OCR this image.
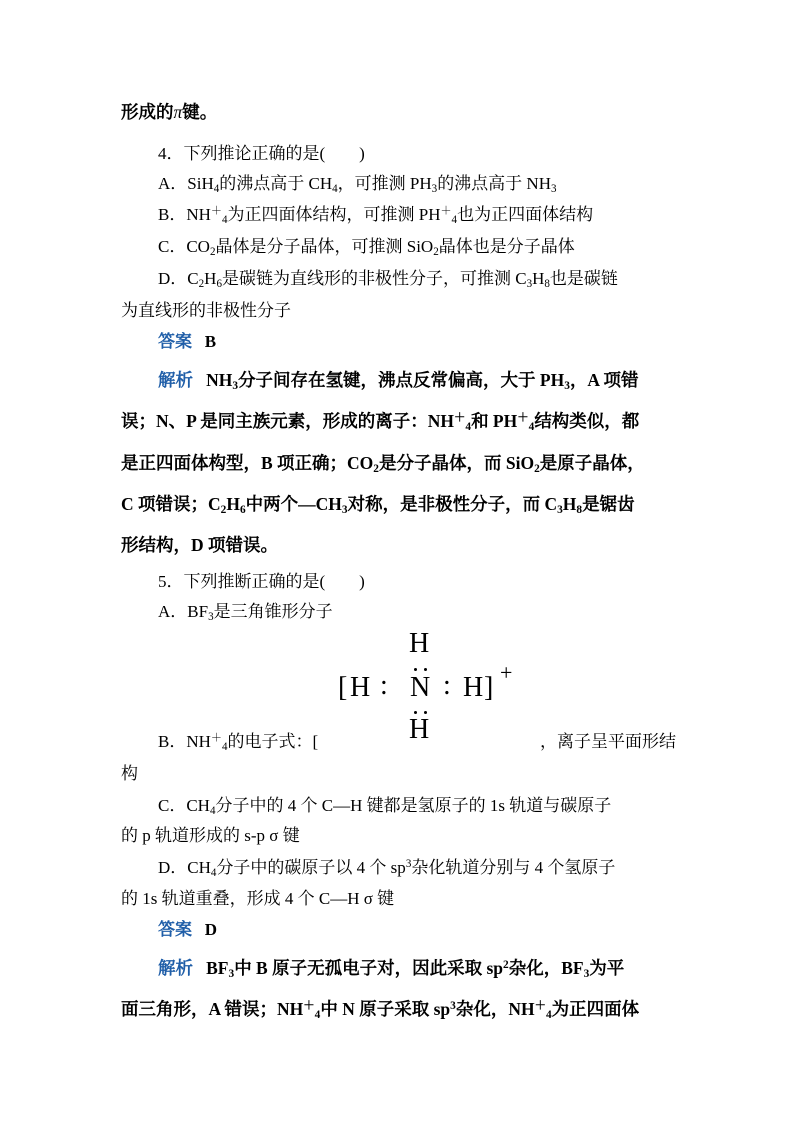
形成的π键。
4．下列推论正确的是(　　)
A．SiH$_4$的沸点高于 $CH_4$，可推测 $PH_3$的沸点高于 $NH_3$
B．$NH^+_4$为正四面体结构，可推测 $PH^+_4$也为正四面体结构
C．$CO_2$晶体是分子晶体，可推测 SiO$_2$晶体也是分子晶体
D．$C_2H_6$是碳链为直线形的非极性分子，可推测 $C_3H_8$也是碳链
为直线形的非极性分子
答案 B
解析 $NH_3$分子间存在氢键，沸点反常偏高，大于 $PH_3$，A 项错
误；N、P 是同主族元素，形成的离子：$NH^+_4$和 $PH^+_4$结构类似，都
是正四面体构型，B 项正确；$CO_2$是分子晶体，而 SiO$_2$是原子晶体，
C 项错误；$C_2H_6$中两个$—CH_3$对称，是非极性分子，而 $C_3H_8$是锯齿
形结构，D 项错误。
5．下列推断正确的是(　　)
A．$BF_3$是三角锥形分子
H
[ H : N : H ] +
H
B．$NH^+_4$的电子式：[	，离子呈平面形结
构
C．$CH_4$分子中的 4 个 C—H 键都是氢原子的 1s 轨道与碳原子
的 p 轨道形成的 s-p σ 键
D．$CH_4$分子中的碳原子以 4 个 $sp^3$杂化轨道分别与 4 个氢原子
的 1s 轨道重叠，形成 4 个 C—H σ 键
答案 D
解析 $BF_3$中 B 原子无孤电子对，因此采取 $sp^2$杂化，$BF_3$为平
面三角形，A 错误；$NH^+_4$中 N 原子采取 $sp^3$杂化，$NH^+_4$为正四面体
